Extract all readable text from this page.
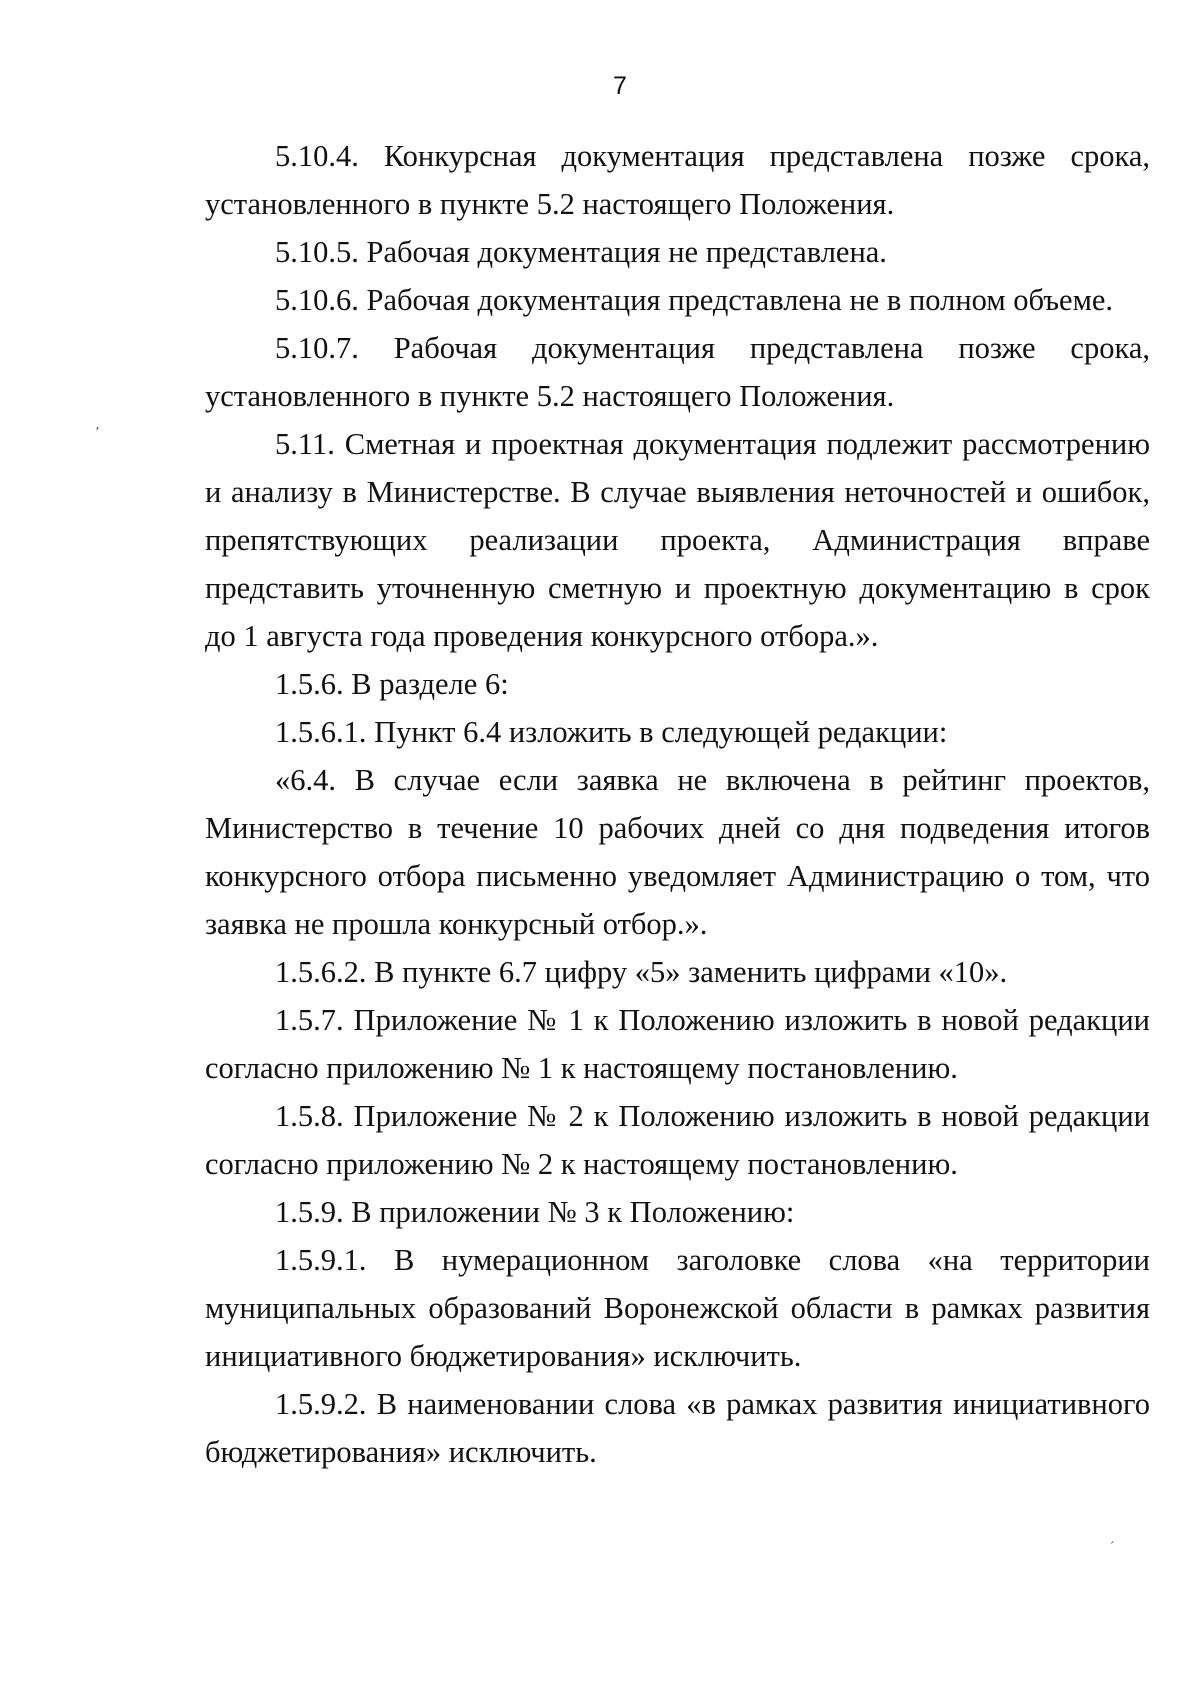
7
ʼ
´

5.10.4. Конкурсная документация представлена позже срока, установленного в пункте 5.2 настоящего Положения.

5.10.5. Рабочая документация не представлена.

5.10.6. Рабочая документация представлена не в полном объеме.

5.10.7. Рабочая документация представлена позже срока, установленного в пункте 5.2 настоящего Положения.

5.11. Сметная и проектная документация подлежит рассмотрению и анализу в Министерстве. В случае выявления неточностей и ошибок, препятствующих реализации проекта, Администрация вправе представить уточненную сметную и проектную документацию в срок до 1 августа года проведения конкурсного отбора.».

1.5.6. В разделе 6:

1.5.6.1. Пункт 6.4 изложить в следующей редакции:

«6.4. В случае если заявка не включена в рейтинг проектов, Министерство в течение 10 рабочих дней со дня подведения итогов конкурсного отбора письменно уведомляет Администрацию о том, что заявка не прошла конкурсный отбор.».

1.5.6.2. В пункте 6.7 цифру «5» заменить цифрами «10».

1.5.7. Приложение № 1 к Положению изложить в новой редакции согласно приложению № 1 к настоящему постановлению.

1.5.8. Приложение № 2 к Положению изложить в новой редакции согласно приложению № 2 к настоящему постановлению.

1.5.9. В приложении № 3 к Положению:

1.5.9.1. В нумерационном заголовке слова «на территории муниципальных образований Воронежской области в рамках развития инициативного бюджетирования» исключить.

1.5.9.2. В наименовании слова «в рамках развития инициативного бюджетирования» исключить.
